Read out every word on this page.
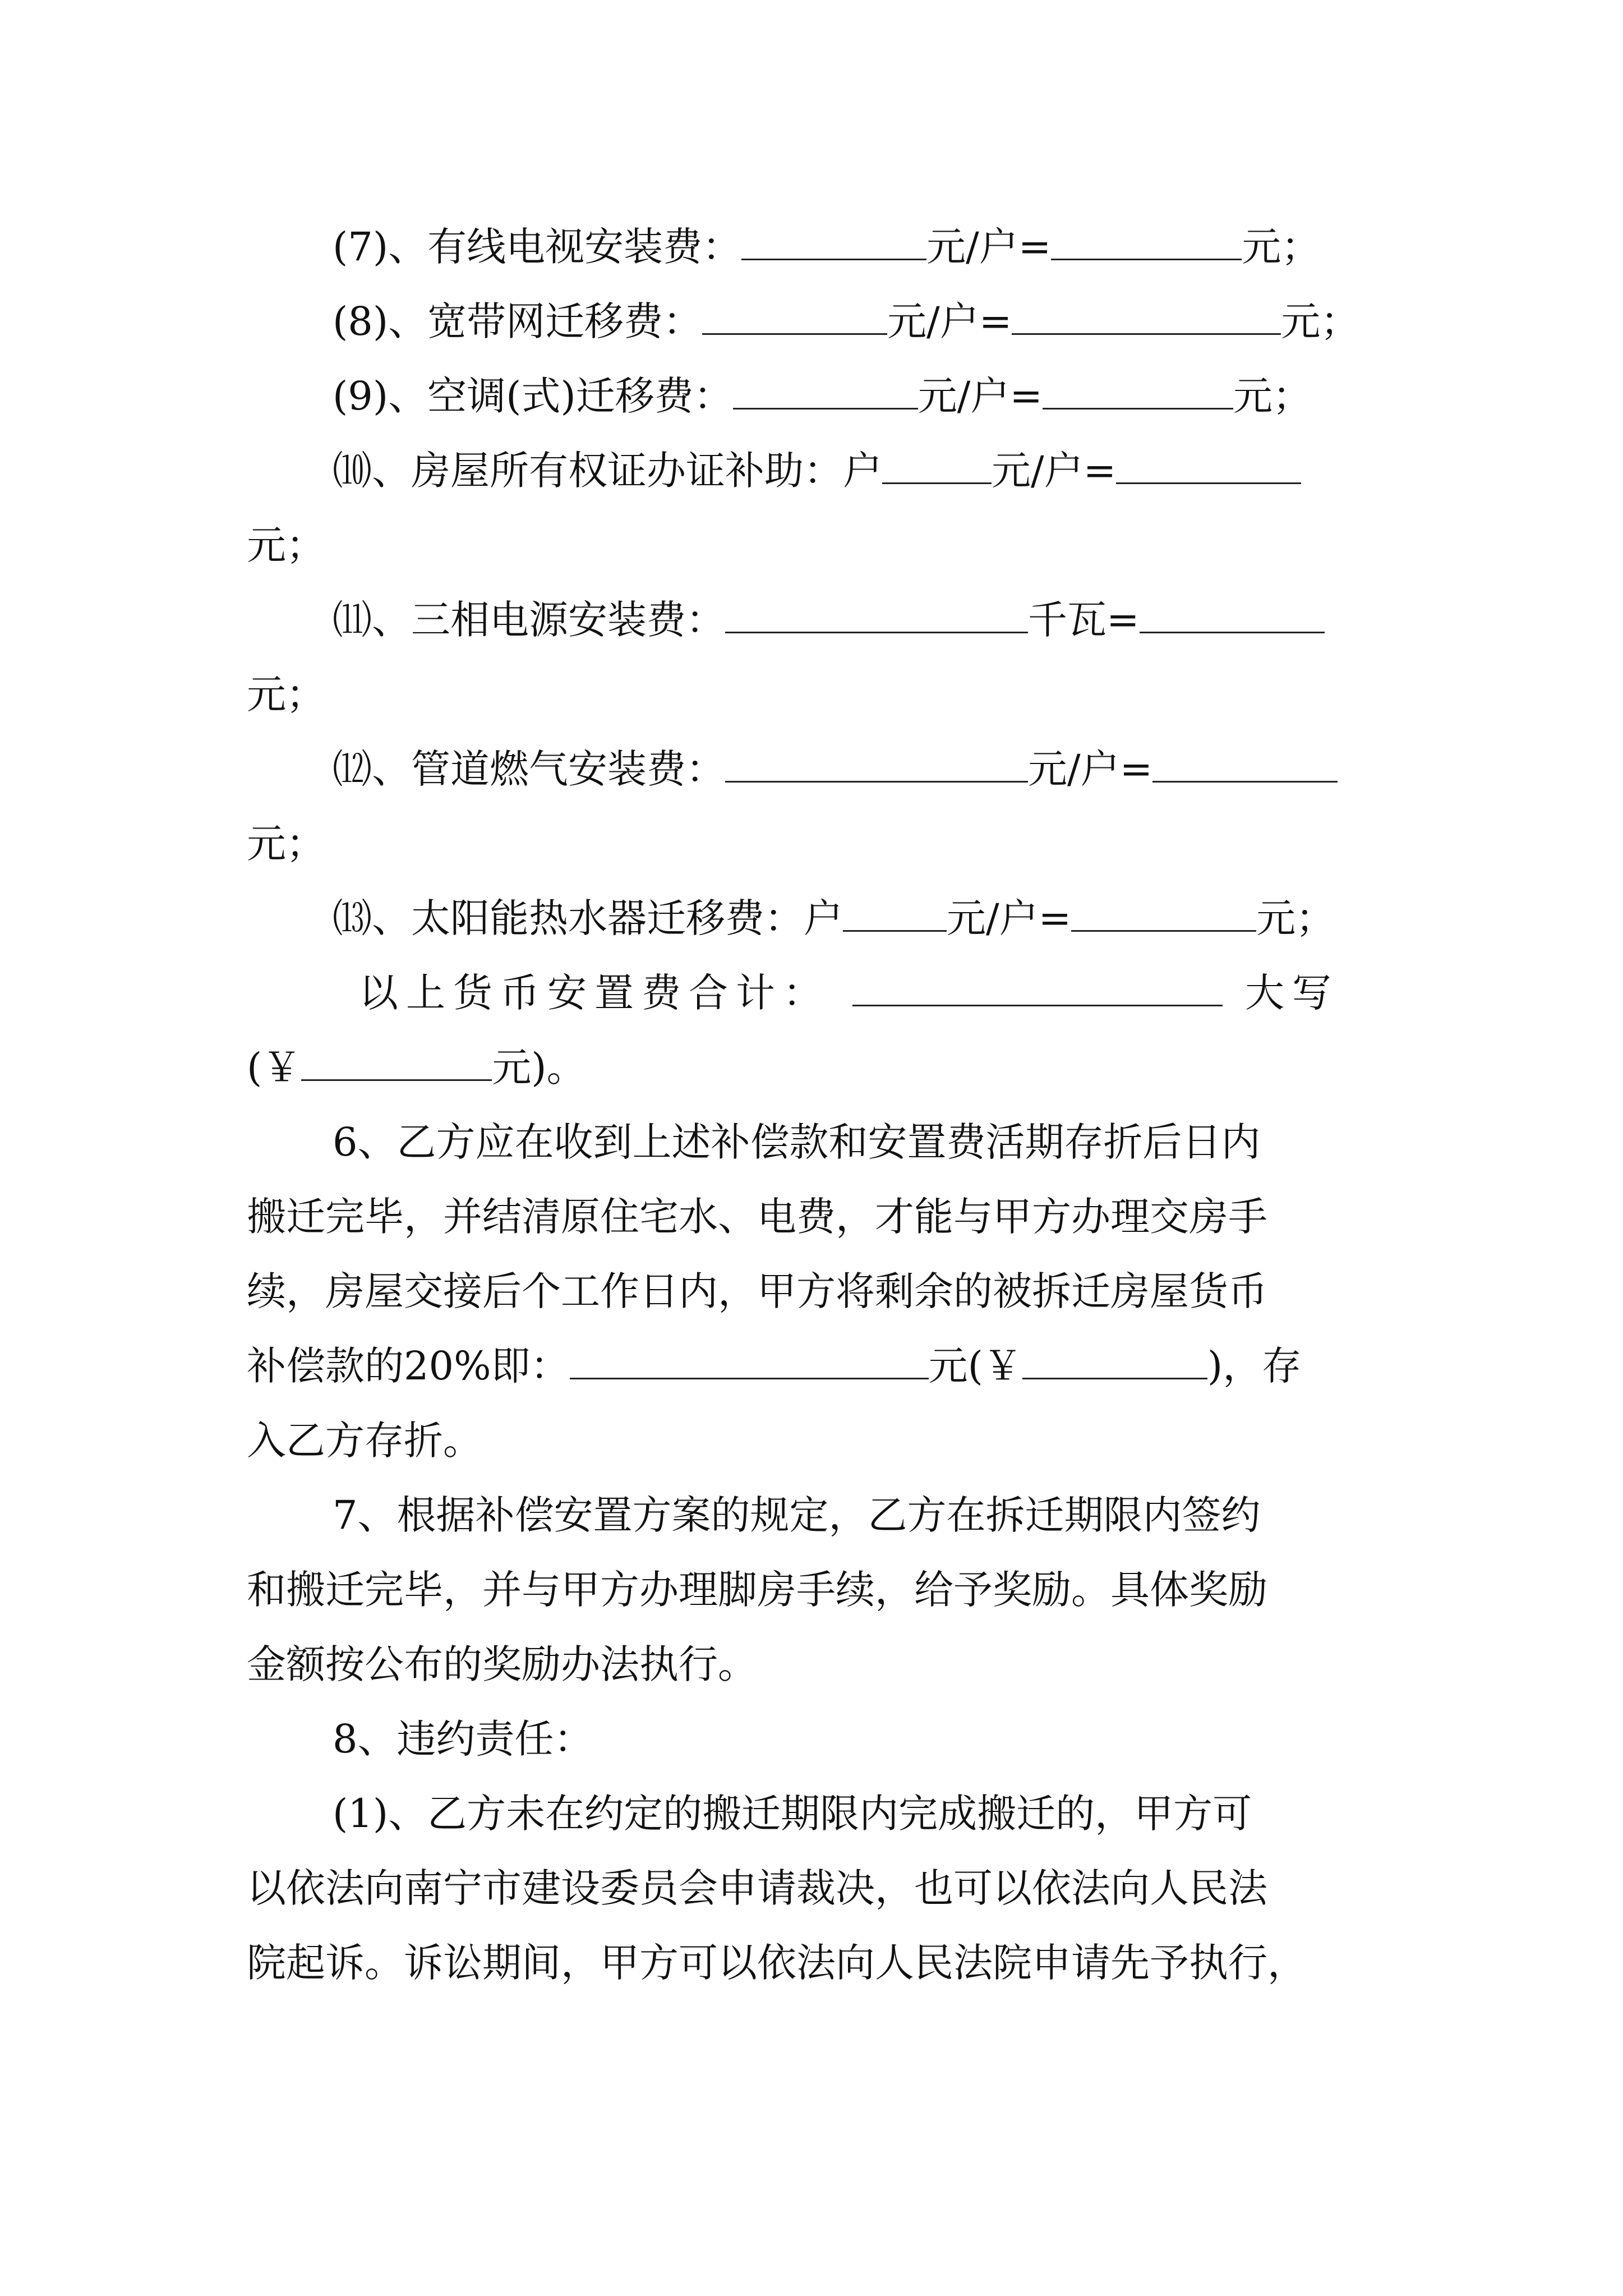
(7)、有线电视安装费：	元/户=	元；
(8)、宽带网迁移费：	元/户=	元；
(9)、空调(式)迁移费：	元/户=	元；
⑽、房屋所有权证办证补助：户	元/户=
元；
⑾、三相电源安装费：	千瓦=
元；
⑿、管道燃气安装费：	元/户=
元；
⒀、太阳能热水器迁移费：户	元/户=	元；
以上货币安置费合计：	大写
(￥	元)。
6、乙方应在收到上述补偿款和安置费活期存折后日内
搬迁完毕，并结清原住宅水、电费，才能与甲方办理交房手
续，房屋交接后个工作日内，甲方将剩余的被拆迁房屋货币
补偿款的20%即：	元(￥	)，存
入乙方存折。
7、根据补偿安置方案的规定，乙方在拆迁期限内签约
和搬迁完毕，并与甲方办理脚房手续，给予奖励。具体奖励
金额按公布的奖励办法执行。
8、违约责任：
(1)、乙方未在约定的搬迁期限内完成搬迁的，甲方可
以依法向南宁市建设委员会申请裁决，也可以依法向人民法
院起诉。诉讼期间，甲方可以依法向人民法院申请先予执行，
